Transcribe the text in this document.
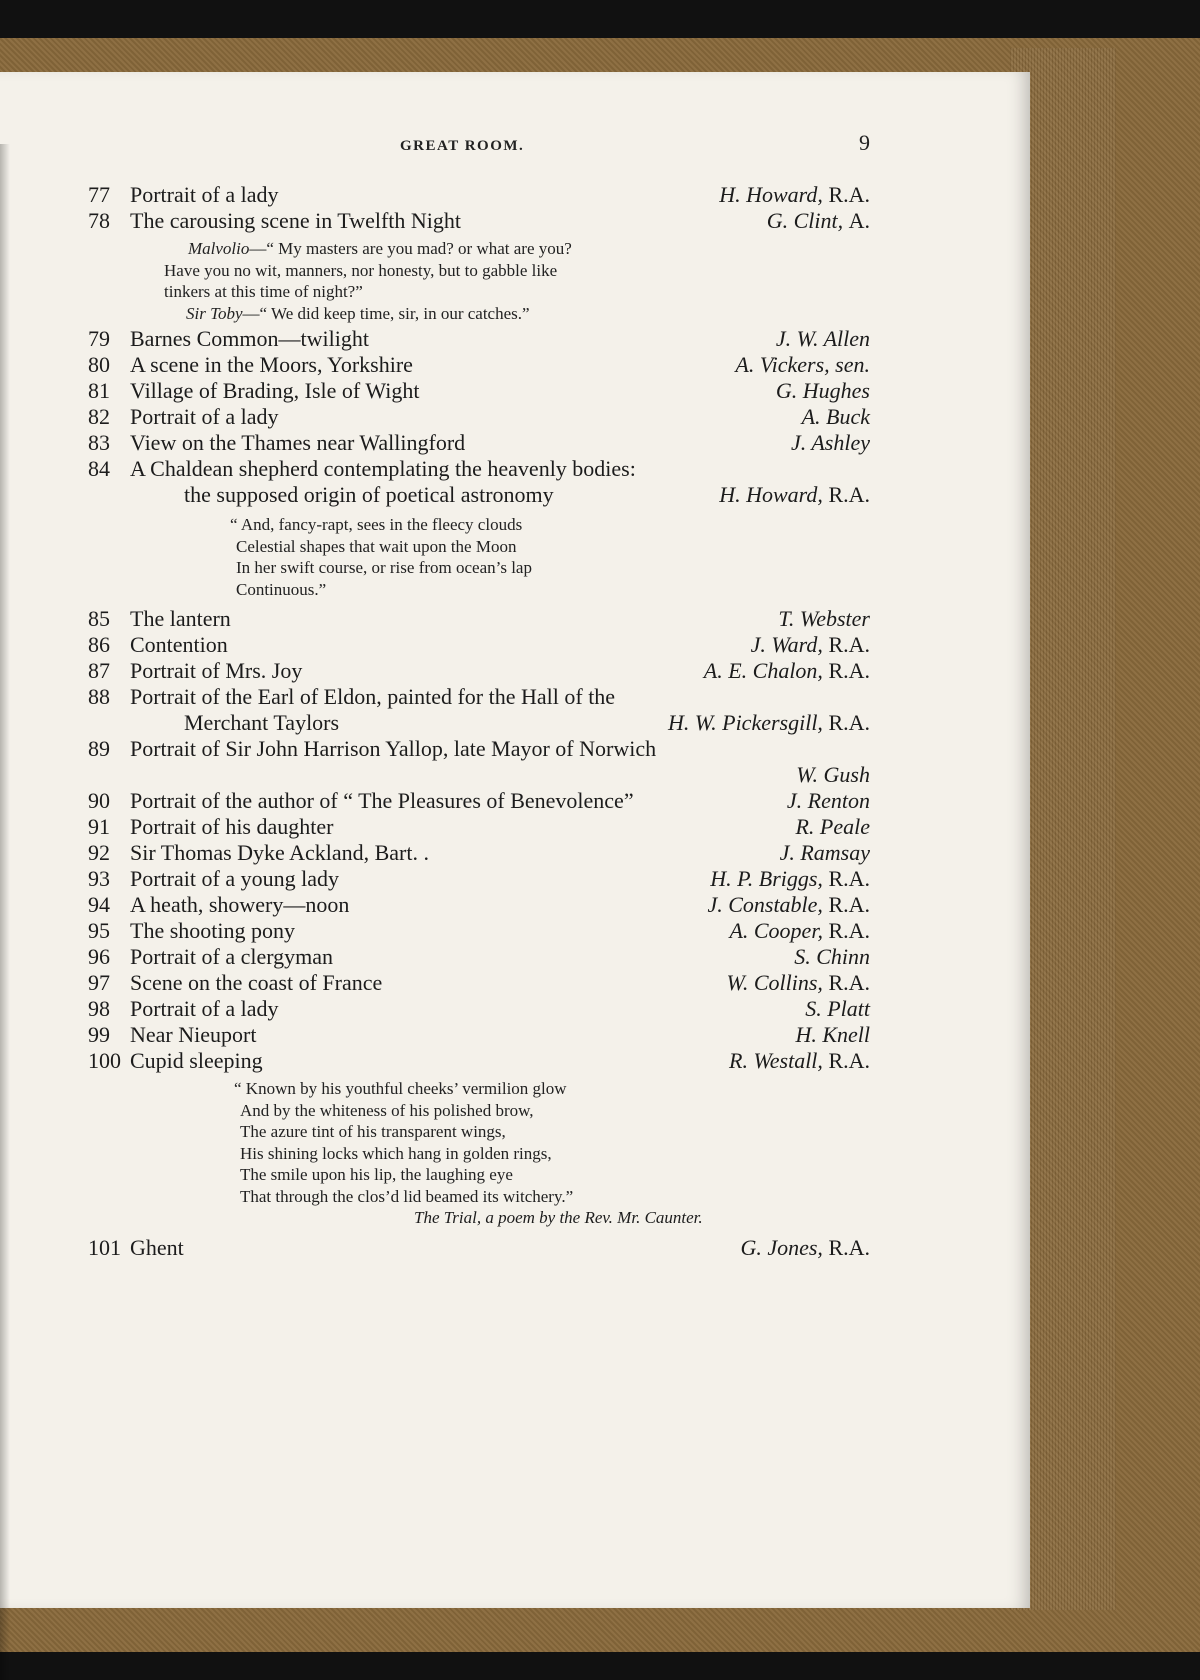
GREAT ROOM.	9
77 Portrait of a lady	H. Howard, R.A.
78 The carousing scene in Twelfth Night	G. Clint, A.
Malvolio—“ My masters are you mad? or what are you?
Have you no wit, manners, nor honesty, but to gabble like
tinkers at this time of night?”
Sir Toby—“ We did keep time, sir, in our catches.”
79 Barnes Common—twilight	J. W. Allen
80 A scene in the Moors, Yorkshire	A. Vickers, sen.
81 Village of Brading, Isle of Wight	G. Hughes
82 Portrait of a lady	A. Buck
83 View on the Thames near Wallingford	J. Ashley
84 A Chaldean shepherd contemplating the heavenly bodies:
the supposed origin of poetical astronomy	H. Howard, R.A.
“ And, fancy-rapt, sees in the fleecy clouds
Celestial shapes that wait upon the Moon
In her swift course, or rise from ocean’s lap
Continuous.”
85 The lantern	T. Webster
86 Contention	J. Ward, R.A.
87 Portrait of Mrs. Joy	A. E. Chalon, R.A.
88 Portrait of the Earl of Eldon, painted for the Hall of the
Merchant Taylors	H. W. Pickersgill, R.A.
89 Portrait of Sir John Harrison Yallop, late Mayor of Norwich
W. Gush
90 Portrait of the author of “ The Pleasures of Benevolence”	J. Renton
91 Portrait of his daughter	R. Peale
92 Sir Thomas Dyke Ackland, Bart. .	J. Ramsay
93 Portrait of a young lady	H. P. Briggs, R.A.
94 A heath, showery—noon	J. Constable, R.A.
95 The shooting pony	A. Cooper, R.A.
96 Portrait of a clergyman	S. Chinn
97 Scene on the coast of France	W. Collins, R.A.
98 Portrait of a lady	S. Platt
99 Near Nieuport	H. Knell
100 Cupid sleeping	R. Westall, R.A.
“ Known by his youthful cheeks’ vermilion glow
And by the whiteness of his polished brow,
The azure tint of his transparent wings,
His shining locks which hang in golden rings,
The smile upon his lip, the laughing eye
That through the clos’d lid beamed its witchery.”
The Trial, a poem by the Rev. Mr. Caunter.
101 Ghent	G. Jones, R.A.
